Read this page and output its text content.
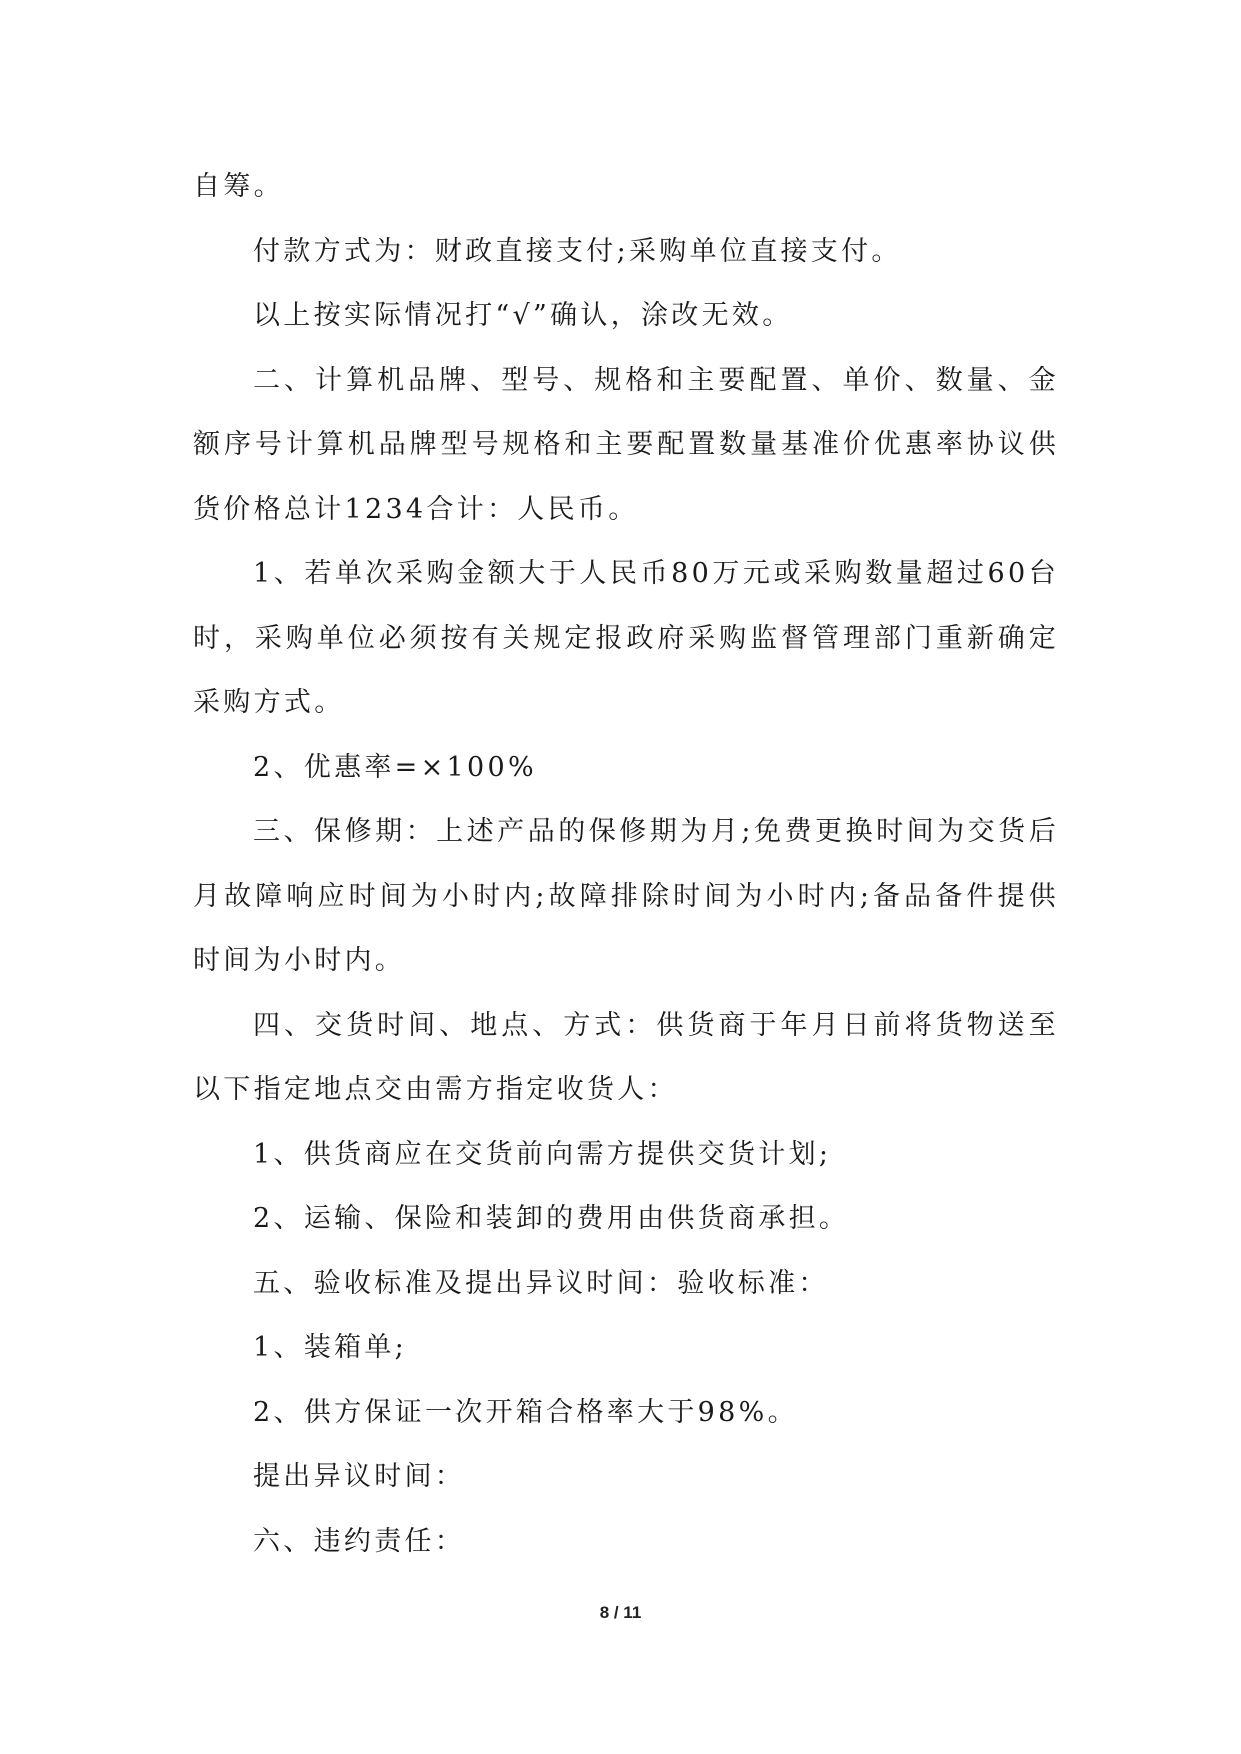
自筹。

付款方式为：财政直接支付;采购单位直接支付。

以上按实际情况打“√”确认，涂改无效。

二、计算机品牌、型号、规格和主要配置、单价、数量、金额序号计算机品牌型号规格和主要配置数量基准价优惠率协议供货价格总计1234合计：人民币。

1、若单次采购金额大于人民币80万元或采购数量超过60台时，采购单位必须按有关规定报政府采购监督管理部门重新确定采购方式。

2、优惠率=×100%

三、保修期：上述产品的保修期为月;免费更换时间为交货后月故障响应时间为小时内;故障排除时间为小时内;备品备件提供时间为小时内。

四、交货时间、地点、方式：供货商于年月日前将货物送至以下指定地点交由需方指定收货人：

1、供货商应在交货前向需方提供交货计划;

2、运输、保险和装卸的费用由供货商承担。

五、验收标准及提出异议时间：验收标准：

1、装箱单;

2、供方保证一次开箱合格率大于98%。

提出异议时间：

六、违约责任：

8 / 11
